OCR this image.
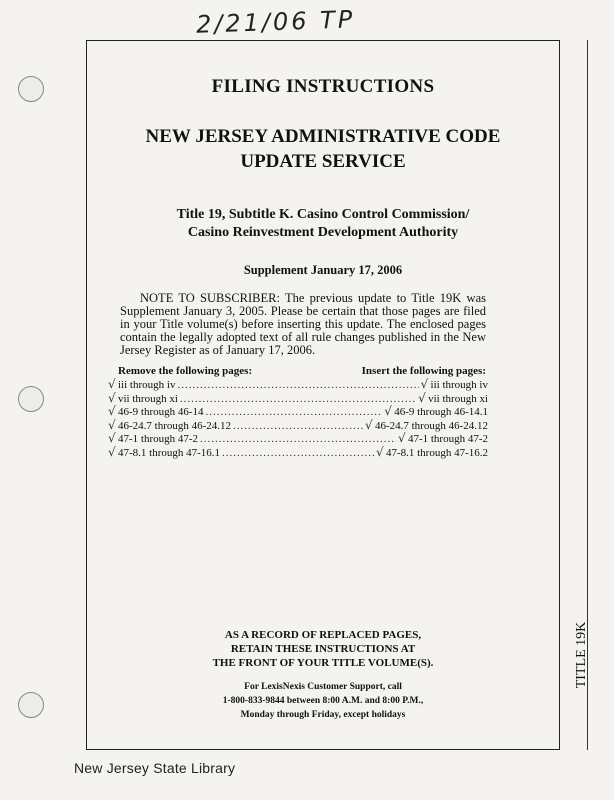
2/21/06 TP
TITLE 19K
FILING INSTRUCTIONS
NEW JERSEY ADMINISTRATIVE CODE
UPDATE SERVICE
Title 19, Subtitle K. Casino Control Commission/
Casino Reinvestment Development Authority
Supplement January 17, 2006
NOTE TO SUBSCRIBER: The previous update to Title 19K was Supplement January 3, 2005. Please be certain that those pages are filed in your Title volume(s) before inserting this update. The enclosed pages contain the legally adopted text of all rule changes published in the New Jersey Register as of January 17, 2006.
Remove the following pages:	Insert the following pages:
√ iii through iv .....	√ iii through iv
√ vii through xi .....	√ vii through xi
√ 46-9 through 46-14 .....	√ 46-9 through 46-14.1
√ 46-24.7 through 46-24.12 .....	√ 46-24.7 through 46-24.12
√ 47-1 through 47-2 .....	√ 47-1 through 47-2
√ 47-8.1 through 47-16.1 .....	√ 47-8.1 through 47-16.2
AS A RECORD OF REPLACED PAGES,
RETAIN THESE INSTRUCTIONS AT
THE FRONT OF YOUR TITLE VOLUME(S).
For LexisNexis Customer Support, call
1-800-833-9844 between 8:00 A.M. and 8:00 P.M.,
Monday through Friday, except holidays
New Jersey State Library
